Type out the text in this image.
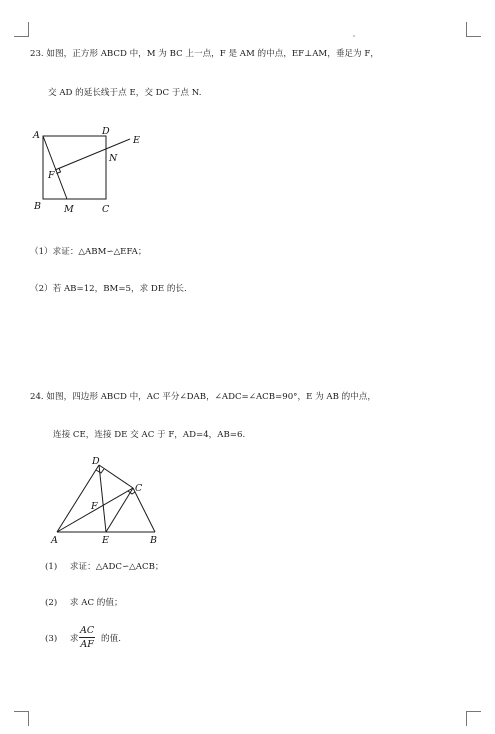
23. 如图，正方形 ABCD 中，M 为 BC 上一点，F 是 AM 的中点，EF⊥AM，垂足为 F，
交 AD 的延长线于点 E，交 DC 于点 N.
A	D
E
N
F
B M	C
（1）求证：△ABM∽△EFA；
（2）若 AB=12，BM=5，求 DE 的长.
24. 如图，四边形 ABCD 中，AC 平分∠DAB，∠ADC=∠ACB=90°，E 为 AB 的中点，
连接 CE，连接 DE 交 AC 于 F，AD=4，AB=6.
D
C
F
A	E	B
(1) 求证：△ADC∽△ACB；
(2) 求 AC 的值；
(3) 求 $\frac{AC}{AF}$ 的值.
